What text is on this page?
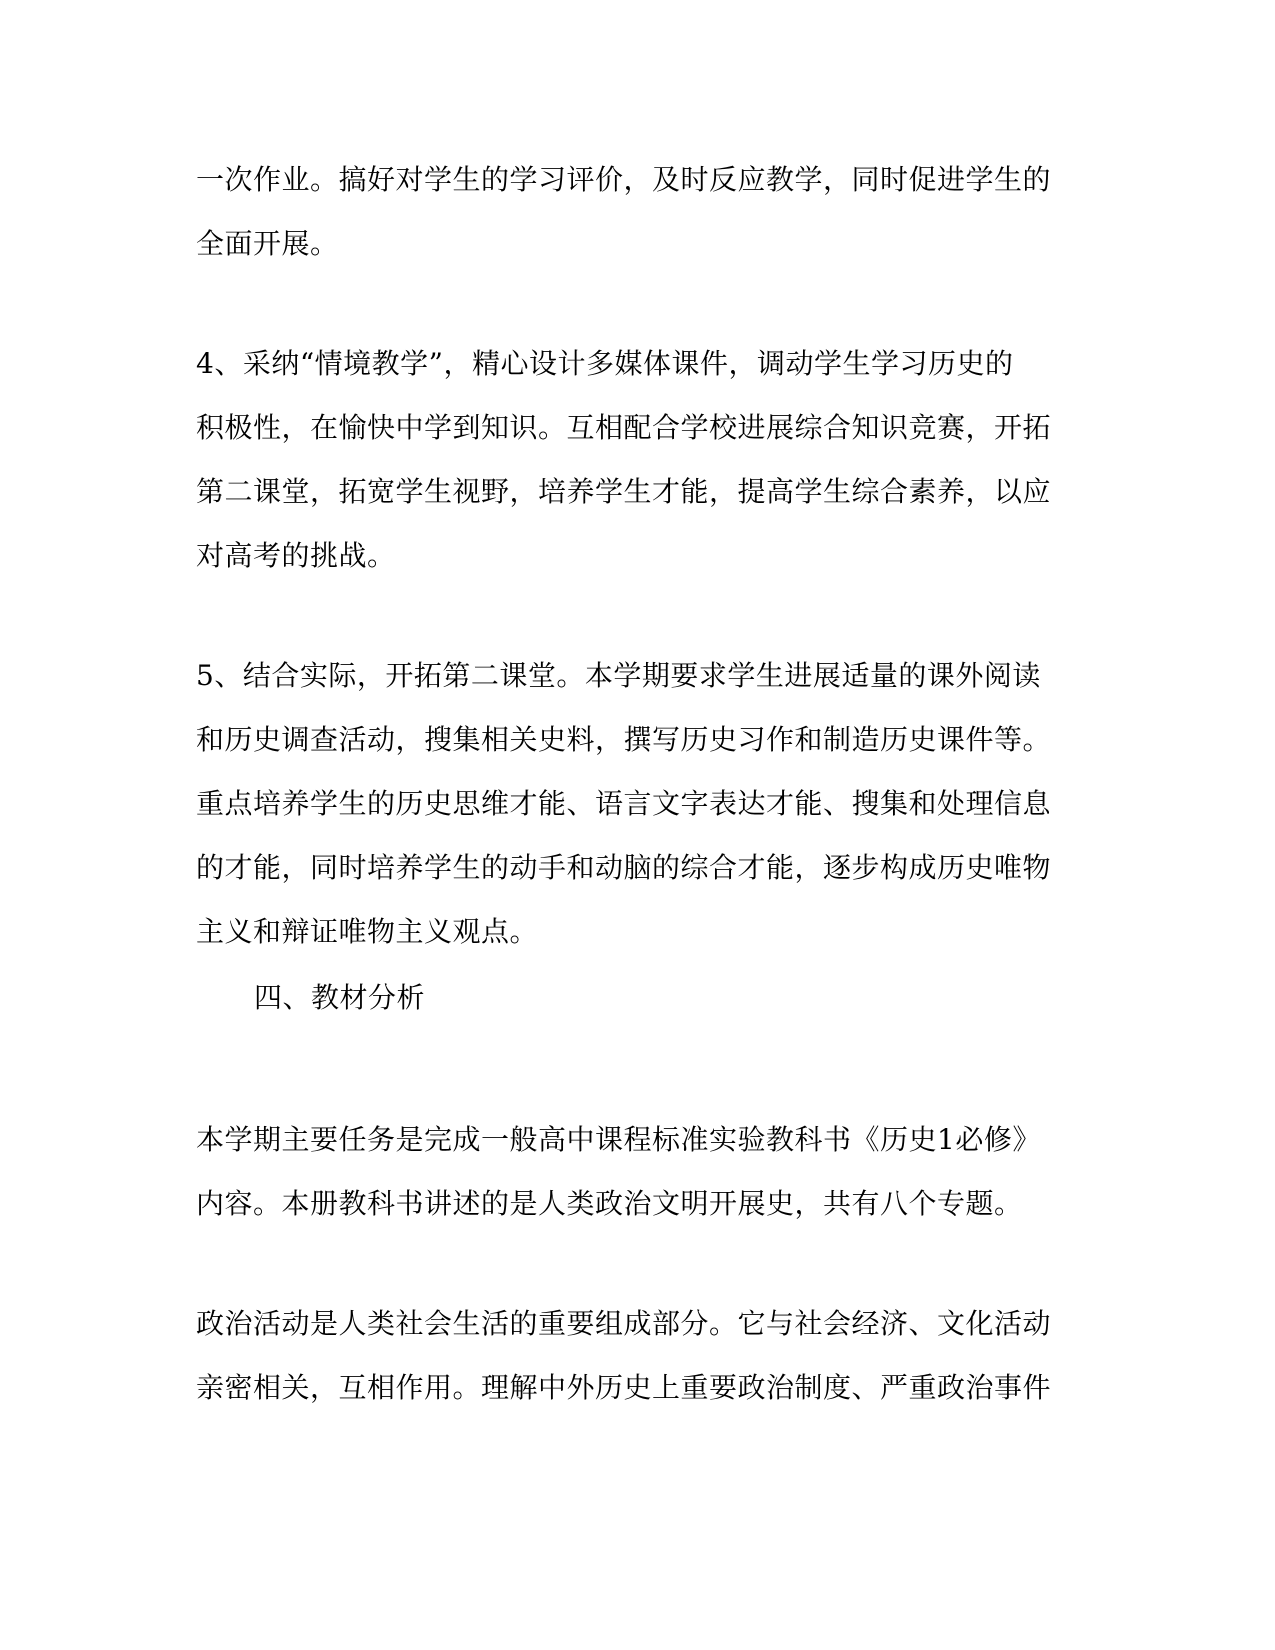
一次作业。搞好对学生的学习评价，及时反应教学，同时促进学生的
全面开展。

4、采纳“情境教学”，精心设计多媒体课件，调动学生学习历史的
积极性，在愉快中学到知识。互相配合学校进展综合知识竞赛，开拓
第二课堂，拓宽学生视野，培养学生才能，提高学生综合素养，以应
对高考的挑战。

5、结合实际，开拓第二课堂。本学期要求学生进展适量的课外阅读
和历史调查活动，搜集相关史料，撰写历史习作和制造历史课件等。
重点培养学生的历史思维才能、语言文字表达才能、搜集和处理信息
的才能，同时培养学生的动手和动脑的综合才能，逐步构成历史唯物
主义和辩证唯物主义观点。

四、教材分析

本学期主要任务是完成一般高中课程标准实验教科书《历史1必修》
内容。本册教科书讲述的是人类政治文明开展史，共有八个专题。

政治活动是人类社会生活的重要组成部分。它与社会经济、文化活动
亲密相关，互相作用。理解中外历史上重要政治制度、严重政治事件
